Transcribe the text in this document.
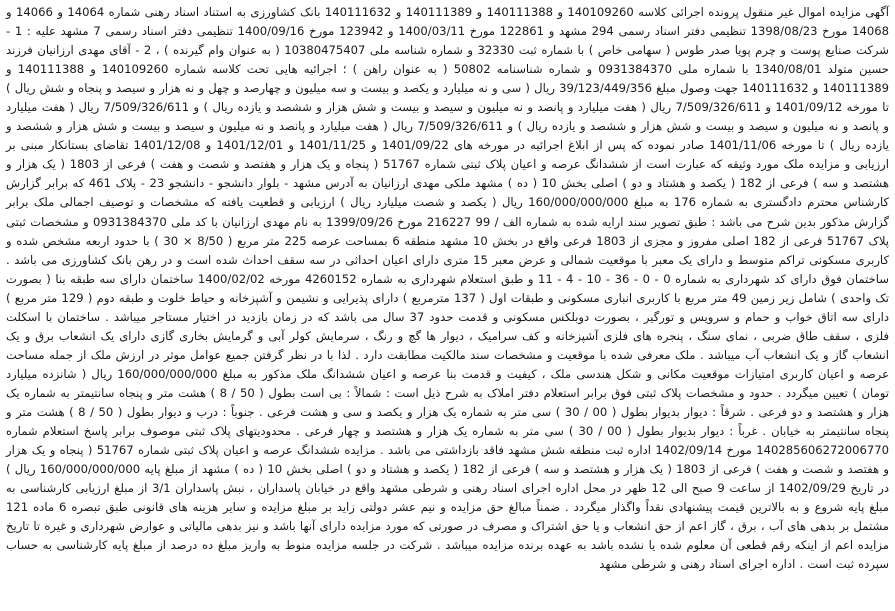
آگهی مزایده اموال غیر منقول پرونده اجرائی کلاسه 140109260 و 140111388 و 140111389 و 140111632 بانک کشاورزی به استناد اسناد رهنی شماره 14064 و 14066 و 14068 مورخ 1398/08/23 تنظیمی دفتر اسناد رسمی 294 مشهد و 122861 مورخ 1400/03/11 و 123942 مورخ 1400/09/16 تنظیمی دفتر اسناد رسمی 7 مشهد علیه : 1 - شرکت صنایع پوست و چرم پویا صدر طوس ( سهامی خاص ) با شماره ثبت 32330 و شماره شناسه ملی 10380475407 ( به عنوان وام گیرنده ) ، 2 - آقای مهدی ارزانیان فرزند حسین متولد 1340/08/01 با شماره ملی 0931384370 و شماره شناسنامه 50802 ( به عنوان راهن ) ؛ اجرائیه هایی تحت کلاسه شماره 140109260 و 140111388 و 140111389 و 140111632 جهت وصول مبلغ 39/123/449/356 ریال ( سی و نه میلیارد و یکصد و بیست و سه میلیون و چهارصد و چهل و نه هزار و سیصد و پنجاه و شش ریال ) تا مورخه 1401/09/12 و 7/509/326/611 ریال ( هفت میلیارد و پانصد و نه میلیون و سیصد و بیست و شش هزار و ششصد و یازده ریال ) و 7/509/326/611 ریال ( هفت میلیارد و پانصد و نه میلیون و سیصد و بیست و شش هزار و ششصد و یازده ریال ) و 7/509/326/611 ریال ( هفت میلیارد و پانصد و نه میلیون و سیصد و بیست و شش هزار و ششصد و یازده ریال ) تا مورخه 1401/11/06 صادر نموده که پس از ابلاغ اجرائیه در مورخه های 1401/09/22 و 1401/11/25 و 1401/12/01 و 1401/12/08 تقاضای بستانکار مبنی بر ارزیابی و مزایده ملک مورد وثیقه که عبارت است از ششدانگ عرصه و اعیان پلاک ثبتی شماره 51767 ( پنجاه و یک هزار و هفتصد و شصت و هفت ) فرعی از 1803 ( یک هزار و هشتصد و سه ) فرعی از 182 ( یکصد و هشتاد و دو ) اصلی بخش 10 ( ده ) مشهد ملکی مهدی ارزانیان به آدرس مشهد - بلوار دانشجو - دانشجو 23 - پلاک 461 که برابر گزارش کارشناس محترم دادگستری به شماره 176 به مبلغ 160/000/000/000 ریال ( یکصد و شصت میلیارد ریال ) ارزیابی و قطعیت یافته که مشخصات و توصیف اجمالی ملک برابر گزارش مذکور بدین شرح می باشد : طبق تصویر سند ارایه شده به شماره الف / 99 216227 مورخ 1399/09/26 به نام مهدی ارزانیان با کد ملی 0931384370 و مشخصات ثبتی پلاک 51767 فرعی از 182 اصلی مفروز و مجزی از 1803 فرعی واقع در بخش 10 مشهد منطقه 6 بمساحت عرصه 225 متر مربع ( 8/50 × 30 ) با حدود اربعه مشخص شده و کاربری مسکونی تراکم متوسط و دارای یک معبر با موقعیت شمالی و عرض معبر 15 متری دارای اعیان احداثی در سه سقف احداث شده است و در رهن بانک کشاورزی می باشد . ساختمان فوق دارای کد شهرداری به شماره 0 - 0 - 36 - 10 - 4 - 11 و طبق استعلام شهرداری به شماره 4260152 مورخه 1400/02/02 ساختمان دارای سه طبقه بنا ( بصورت تک واحدی ) شامل زیر زمین 49 متر مربع با کاربری انباری مسکونی و طبقات اول ( 137 مترمربع ) دارای پذیرایی و نشیمن و آشپزخانه و حیاط خلوت و طبقه دوم ( 129 متر مربع ) دارای سه اتاق خواب و حمام و سرویس و تورگیر ، بصورت دوبلکس مسکونی و قدمت حدود 37 سال می باشد که در زمان بازدید در اختیار مستاجر میباشد . ساختمان با اسکلت فلزی ، سقف طاق ضربی ، نمای سنگ ، پنجره های فلزی آشپزخانه و کف سرامیک ، دیوار ها گچ و رنگ ، سرمایش کولر آبی و گرمایش بخاری گازی دارای یک انشعاب برق و یک انشعاب گاز و یک انشعاب آب میباشد . ملک معرفی شده با موقعیت و مشخصات سند مالکیت مطابقت دارد . لذا با در نظر گرفتن جمیع عوامل موثر در ارزش ملک از جمله مساحت عرصه و اعیان کاربری امتیازات موقعیت مکانی و شکل هندسی ملک ، کیفیت و قدمت بنا عرصه و اعیان ششدانگ ملک مذکور به مبلغ 160/000/000/000 ریال ( شانزده میلیارد تومان ) تعیین میگردد . حدود و مشخصات پلاک ثبتی فوق برابر استعلام دفتر املاک به شرح ذیل است : شمالاً : بی است بطول ( 50 / 8 ) هشت متر و پنجاه سانتیمتر به شماره یک هزار و هشتصد و دو فرعی . شرقاً : دیوار بدیوار بطول ( 00 / 30 ) سی متر به شماره یک هزار و یکصد و سی و هشت فرعی . جنوباً : درب و دیوار بطول ( 50 / 8 ) هشت متر و پنجاه سانتیمتر به خیابان . غرباً : دیوار بدیوار بطول ( 00 / 30 ) سی متر به شماره یک هزار و هشتصد و چهار فرعی . محدودیتهای پلاک ثبتی موصوف برابر پاسخ استعلام شماره 140285606272006770 مورخ 1402/09/14 اداره ثبت منطقه شش مشهد فاقد بازداشتی می باشد . مزایده ششدانگ عرصه و اعیان پلاک ثبتی شماره 51767 ( پنجاه و یک هزار و هفتصد و شصت و هفت ) فرعی از 1803 ( یک هزار و هشتصد و سه ) فرعی از 182 ( یکصد و هشتاد و دو ) اصلی بخش 10 ( ده ) مشهد از مبلغ پایه 160/000/000/000 ریال ) در تاریخ 1402/09/29 از ساعت 9 صبح الی 12 ظهر در محل اداره اجرای اسناد رهنی و شرطی مشهد واقع در خیابان پاسداران ، نبش پاسداران 3/1 از مبلغ ارزیابی کارشناسی به مبلغ پایه شروع و به بالاترین قیمت پیشنهادی نقداً واگذار میگردد . ضمناً مبالغ حق مزایده و نیم عشر دولتی زاید بر مبلغ مزایده و سایر هزینه های قانونی طبق تبصره 6 ماده 121 مشتمل بر بدهی های آب ، برق ، گاز اعم از حق انشعاب و یا حق اشتراک و مصرف در صورتی که مورد مزایده دارای آنها باشد و نیز بدهی مالیاتی و عوارض شهرداری و غیره تا تاریخ مزایده اعم از اینکه رقم قطعی آن معلوم شده یا نشده باشد به عهده برنده مزایده میباشد . شرکت در جلسه مزایده منوط به واریز مبلغ ده درصد از مبلغ پایه کارشناسی به حساب سپرده ثبت است . اداره اجرای اسناد رهنی و شرطی مشهد
